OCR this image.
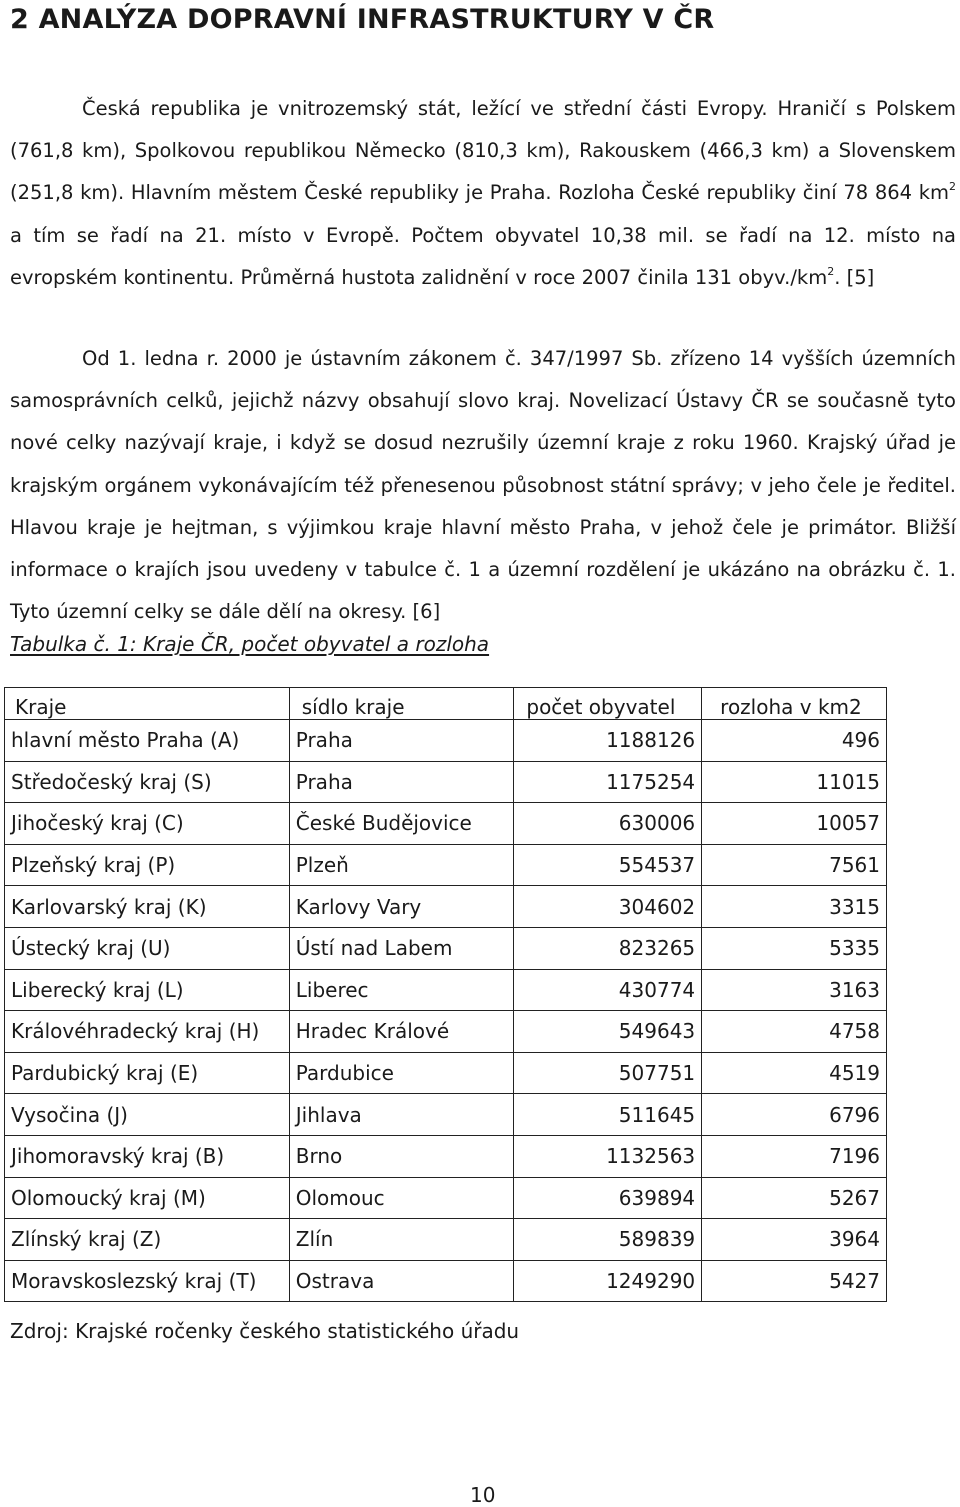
2 ANALÝZA DOPRAVNÍ INFRASTRUKTURY V ČR

Česká republika je vnitrozemský stát, ležící ve střední části Evropy. Hraničí s Polskem (761,8 km), Spolkovou republikou Německo (810,3 km), Rakouskem (466,3 km) a Slovenskem (251,8 km). Hlavním městem České republiky je Praha. Rozloha České republiky činí 78 864 $km^2$ a tím se řadí na 21. místo v Evropě. Počtem obyvatel 10,38 mil. se řadí na 12. místo na evropském kontinentu. Průměrná hustota zalidnění v roce 2007 činila 131 $obyv./km^2$. [5]

Od 1. ledna r. 2000 je ústavním zákonem č. 347/1997 Sb. zřízeno 14 vyšších územních samosprávních celků, jejichž názvy obsahují slovo kraj. Novelizací Ústavy ČR se současně tyto nové celky nazývají kraje, i když se dosud nezrušily územní kraje z roku 1960. Krajský úřad je krajským orgánem vykonávajícím též přenesenou působnost státní správy; v jeho čele je ředitel. Hlavou kraje je hejtman, s výjimkou kraje hlavní město Praha, v jehož čele je primátor. Bližší informace o krajích jsou uvedeny v tabulce č. 1 a územní rozdělení je ukázáno na obrázku č. 1. Tyto územní celky se dále dělí na okresy. [6]

Tabulka č. 1: Kraje ČR, počet obyvatel a rozloha
Kraje	sídlo kraje	počet obyvatel	rozloha v km2
hlavní město Praha (A)	Praha	1188126	496
Středočeský kraj (S)	Praha	1175254	11015
Jihočeský kraj (C)	České Budějovice	630006	10057
Plzeňský kraj (P)	Plzeň	554537	7561
Karlovarský kraj (K)	Karlovy Vary	304602	3315
Ústecký kraj (U)	Ústí nad Labem	823265	5335
Liberecký kraj (L)	Liberec	430774	3163
Královéhradecký kraj (H)	Hradec Králové	549643	4758
Pardubický kraj (E)	Pardubice	507751	4519
Vysočina (J)	Jihlava	511645	6796
Jihomoravský kraj (B)	Brno	1132563	7196
Olomoucký kraj (M)	Olomouc	639894	5267
Zlínský kraj (Z)	Zlín	589839	3964
Moravskoslezský kraj (T)	Ostrava	1249290	5427
Zdroj: Krajské ročenky českého statistického úřadu
10
